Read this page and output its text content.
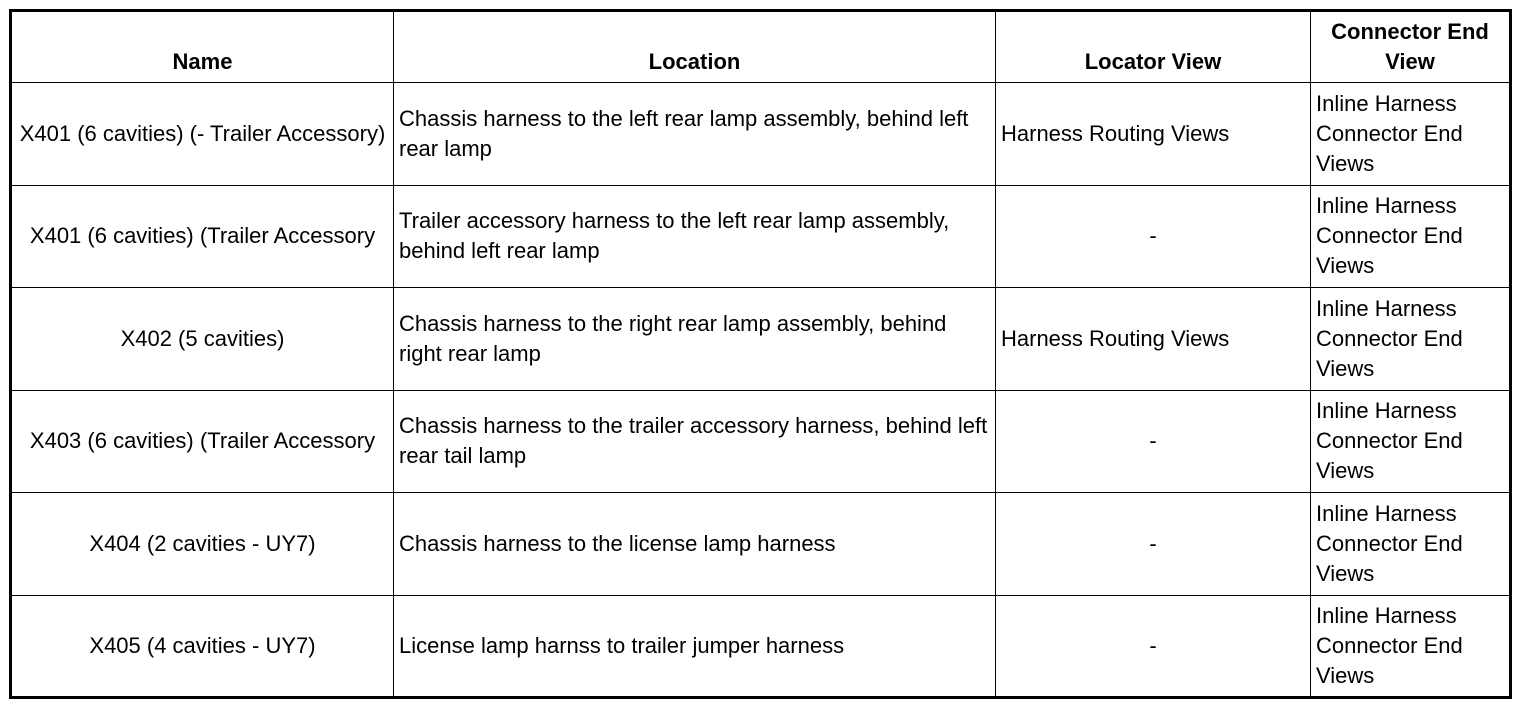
Name	Location	Locator View	Connector End View
X401 (6 cavities) (- Trailer Accessory)	Chassis harness to the left rear lamp assembly, behind left rear lamp	Harness Routing Views	Inline Harness Connector End Views
X401 (6 cavities) (Trailer Accessory	Trailer accessory harness to the left rear lamp assembly, behind left rear lamp	-	Inline Harness Connector End Views
X402 (5 cavities)	Chassis harness to the right rear lamp assembly, behind right rear lamp	Harness Routing Views	Inline Harness Connector End Views
X403 (6 cavities) (Trailer Accessory	Chassis harness to the trailer accessory harness, behind left rear tail lamp	-	Inline Harness Connector End Views
X404 (2 cavities - UY7)	Chassis harness to the license lamp harness	-	Inline Harness Connector End Views
X405 (4 cavities - UY7)	License lamp harnss to trailer jumper harness	-	Inline Harness Connector End Views
